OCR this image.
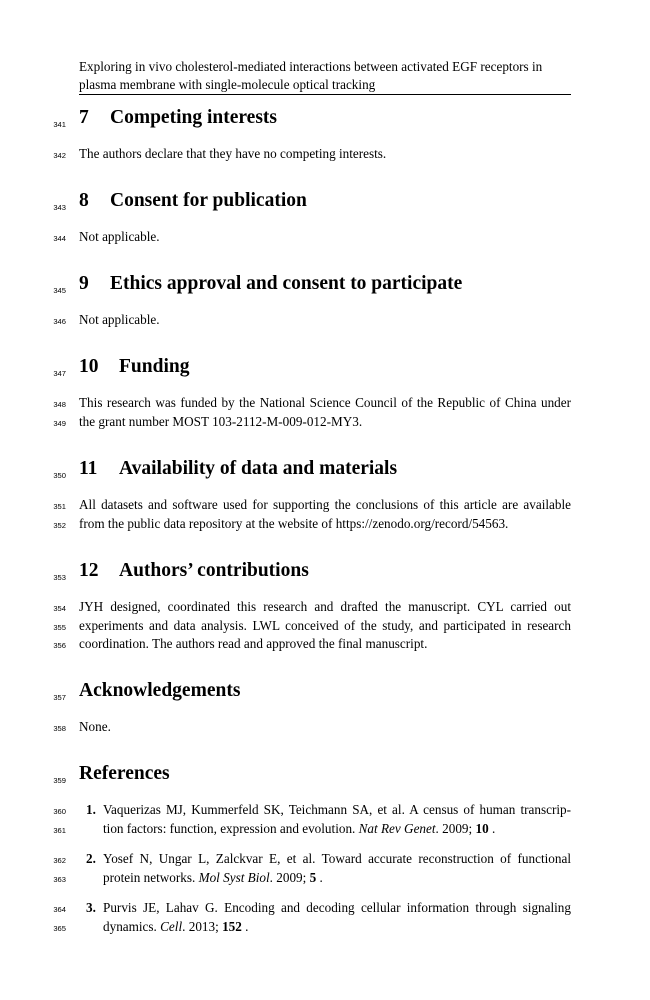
Exploring in vivo cholesterol-mediated interactions between activated EGF receptors in
plasma membrane with single-molecule optical tracking
341
342
343
344
345
346
347
348
349
350
351
352
353
354
355
356
357
358
359
360
361
362
363
364
365
7 Competing interests
The authors declare that they have no competing interests.
8 Consent for publication
Not applicable.
9 Ethics approval and consent to participate
Not applicable.
10 Funding
This research was funded by the National Science Council of the Republic of China under
the grant number MOST 103-2112-M-009-012-MY3.
11 Availability of data and materials
All datasets and software used for supporting the conclusions of this article are available
from the public data repository at the website of https://zenodo.org/record/54563.
12 Authors’ contributions
JYH designed, coordinated this research and drafted the manuscript. CYL carried out
experiments and data analysis. LWL conceived of the study, and participated in research
coordination. The authors read and approved the final manuscript.
Acknowledgements
None.
References
1. Vaquerizas MJ, Kummerfeld SK, Teichmann SA, et al. A census of human transcrip-
tion factors: function, expression and evolution. Nat Rev Genet. 2009; 10 .
2. Yosef N, Ungar L, Zalckvar E, et al. Toward accurate reconstruction of functional
protein networks. Mol Syst Biol. 2009; 5 .
3. Purvis JE, Lahav G. Encoding and decoding cellular information through signaling
dynamics. Cell. 2013; 152 .
